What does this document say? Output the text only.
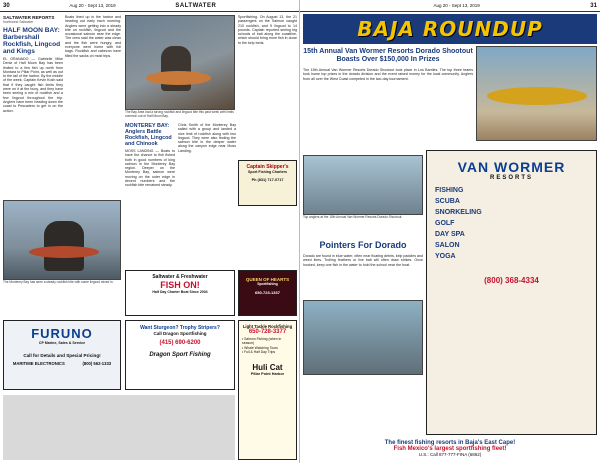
30	Aug 20 - Sept 13, 2019	SALTWATER
SALTWATER REPORTS
Northwest Saltwater
HALF MOON BAY: Barbershall Rockfish, Lingcod and Kings
EL GRANADO — Gabrielle Mike Deniz of Half Moon Bay has been limited to a few fish up north from Montara to Pillar Point, as well as out to the tail of the harbor. By the middle of the week, Captain Kevin Kosh said that if they caught fish limits they were on it at the buoy, and they have been seeing a mix of rockfish and a few lingcod throughout the trip. Anglers have been heading down the coast to Pescadero to get in on the action.
Boats lined up in the harbor and heading out early each morning. Anglers were getting into a steady bite on rockfish, lingcod and the occasional salmon near the edge. The crew said the water was clean and the fish were hungry, and everyone went home with full bags. Rockfish and cabezon have filled the sacks on most trips.
The Bay Area had a strong rockfish and lingcod bite this past week with limits common out of Half Moon Bay.
Sportfishing. On August 13, the 21 passengers on the Salmon caught 210 rockfish, and 9 lingcod to 14 pounds. Captain reported seeing big schools of bait along the coastline, which should bring more fish in close to the kelp beds.
MONTEREY BAY: Anglers Battle Rockfish, Lingcod and Chinook
MOSS LANDING — Boats to have the chance to fish fished both in good numbers of king salmon in the Monterey Bay region. Deeper on the Monterey Bay, salmon were moving on the outer edge in decent numbers and the rockfish bite remained steady.
Chris Smith of the Monterey Bay sailed with a group and landed a nice limit of rockfish along with two lingcod. They were also finding the salmon bite in the deeper water along the canyon edge near Moss Landing.
The Monterey Bay has seen a steady rockfish bite with some lingcod mixed in.
Captain Skipper's
Sport Fishing Charters
Ph (831) 717-0717
Saltwater & Freshwater
FISH ON!
Half Day Charter Boat Since 2004
QUEEN OF HEARTS
Sportfishing
650-723-1337
FURUNO
CP Marine, Sales & Service
Call for Details and Special Pricing!
MARITIME ELECTRONICS	(800) 562-1333
Want Sturgeon? Trophy Stripers?
Call Dragon Sportfishing
(415) 690-6200
Dragon Sport Fishing
Light Tackle Rockfishing
650-728-3377
• Salmon Fishing (when in season)
• Whale Watching Tours
• Full & Half Day Trips
Huli Cat
Pillar Point Harbor
Aug 20 - Sept 13, 2019	31
BAJA ROUNDUP
15th Annual Van Wormer Resorts Dorado Shootout Boasts Over $150,000 In Prizes
The 15th Annual Van Wormer Resorts Dorado Shootout took place in Los Barriles. The top three teams took home top prizes in the dorado division and the event raised money for the local community. Anglers from all over the West Coast competed in the two-day tournament.
Top anglers at the 15th Annual Van Wormer Resorts Dorado Shootout.
Pointers For Dorado
Dorado are found in blue water, often near floating debris, kelp paddies and weed lines. Trolling feathers or live bait will often draw strikes. Once hooked, keep one fish in the water to hold the school near the boat.
VAN WORMER
RESORTS
FISHING
SCUBA
SNORKELING
GOLF
DAY SPA
SALON
YOGA
(800) 368-4334
The finest fishing resorts in Baja's East Cape!
Fish Mexico's largest sportfishing fleet!
U.S.: Call 877-777-FINA (6862)
